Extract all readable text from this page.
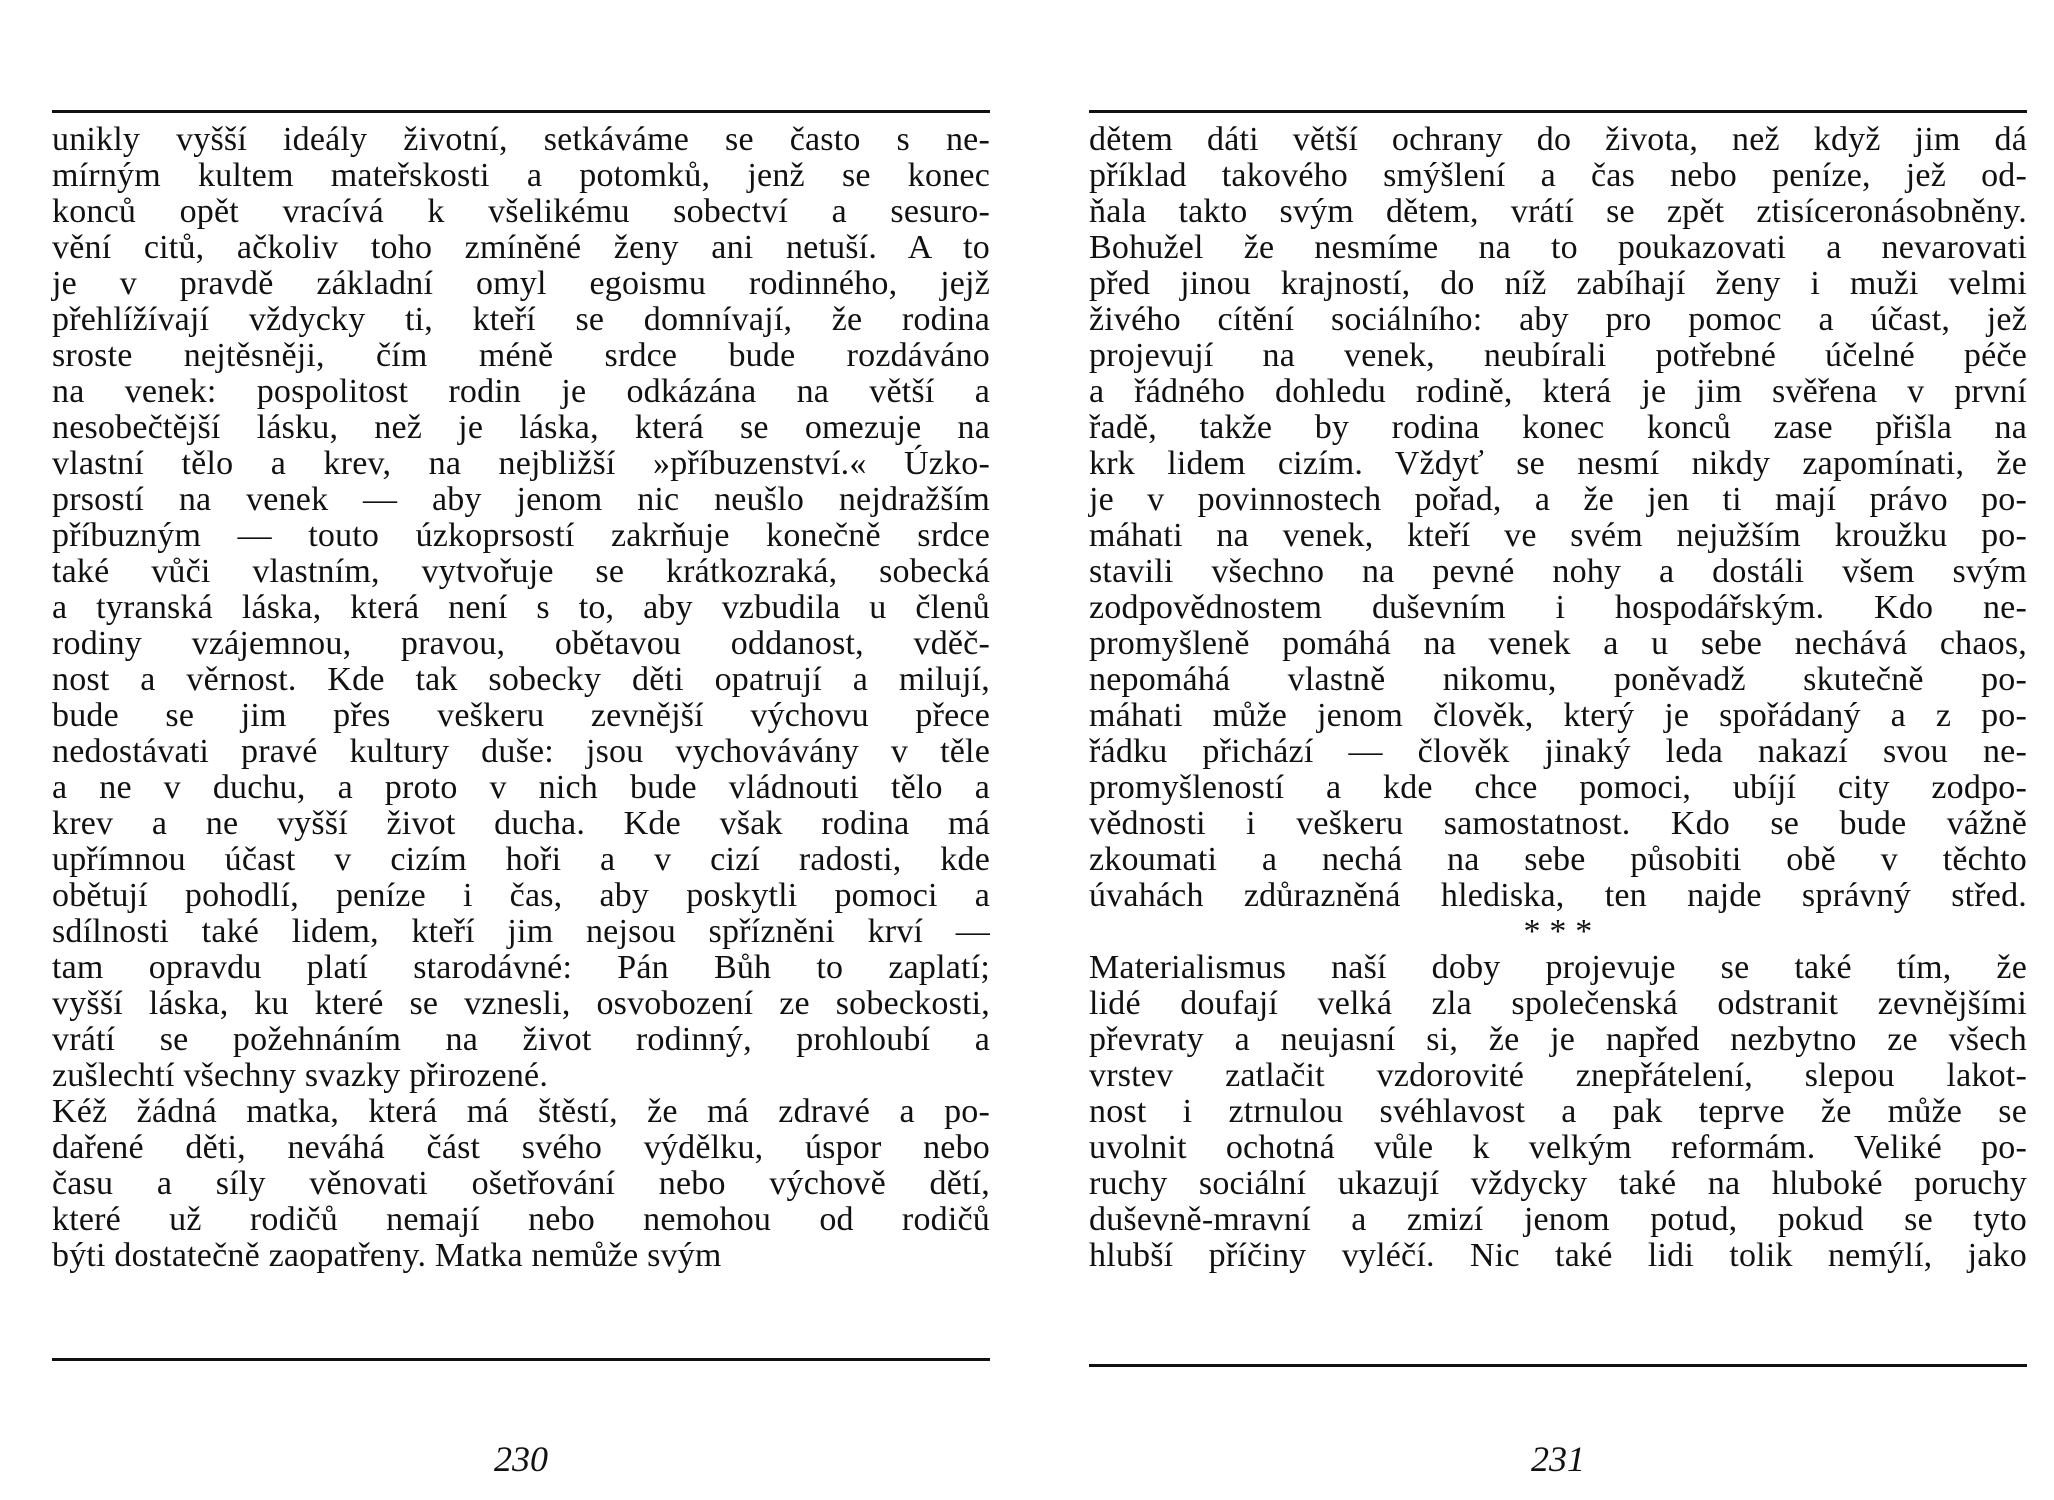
unikly vyšší ideály životní, setkáváme se často s ne-
mírným kultem mateřskosti a potomků, jenž se konec
konců opět vracívá k všelikému sobectví a sesuro-
vění citů, ačkoliv toho zmíněné ženy ani netuší. A to
je v pravdě základní omyl egoismu rodinného, jejž
přehlížívají vždycky ti, kteří se domnívají, že rodina
sroste nejtěsněji, čím méně srdce bude rozdáváno
na venek: pospolitost rodin je odkázána na větší a
nesobečtější lásku, než je láska, která se omezuje na
vlastní tělo a krev, na nejbližší »příbuzenství.« Úzko-
prsostí na venek — aby jenom nic neušlo nejdražším
příbuzným — touto úzkoprsostí zakrňuje konečně srdce
také vůči vlastním, vytvořuje se krátkozraká, sobecká
a tyranská láska, která není s to, aby vzbudila u členů
rodiny vzájemnou, pravou, obětavou oddanost, vděč-
nost a věrnost. Kde tak sobecky děti opatrují a milují,
bude se jim přes veškeru zevnější výchovu přece
nedostávati pravé kultury duše: jsou vychovávány v těle
a ne v duchu, a proto v nich bude vládnouti tělo a
krev a ne vyšší život ducha. Kde však rodina má
upřímnou účast v cizím hoři a v cizí radosti, kde
obětují pohodlí, peníze i čas, aby poskytli pomoci a
sdílnosti také lidem, kteří jim nejsou spřízněni krví —
tam opravdu platí starodávné: Pán Bůh to zaplatí;
vyšší láska, ku které se vznesli, osvobození ze sobeckosti,
vrátí se požehnáním na život rodinný, prohloubí a
zušlechtí všechny svazky přirozené.
Kéž žádná matka, která má štěstí, že má zdravé a po-
dařené děti, neváhá část svého výdělku, úspor nebo
času a síly věnovati ošetřování nebo výchově dětí,
které už rodičů nemají nebo nemohou od rodičů
býti dostatečně zaopatřeny. Matka nemůže svým
230
dětem dáti větší ochrany do života, než když jim dá
příklad takového smýšlení a čas nebo peníze, jež od-
ňala takto svým dětem, vrátí se zpět ztisíceronásobněny.
Bohužel že nesmíme na to poukazovati a nevarovati
před jinou krajností, do níž zabíhají ženy i muži velmi
živého cítění sociálního: aby pro pomoc a účast, jež
projevují na venek, neubírali potřebné účelné péče
a řádného dohledu rodině, která je jim svěřena v první
řadě, takže by rodina konec konců zase přišla na
krk lidem cizím. Vždyť se nesmí nikdy zapomínati, že
je v povinnostech pořad, a že jen ti mají právo po-
máhati na venek, kteří ve svém nejužším kroužku po-
stavili všechno na pevné nohy a dostáli všem svým
zodpovědnostem duševním i hospodářským. Kdo ne-
promyšleně pomáhá na venek a u sebe nechává chaos,
nepomáhá vlastně nikomu, poněvadž skutečně po-
máhati může jenom člověk, který je spořádaný a z po-
řádku přichází — člověk jinaký leda nakazí svou ne-
promyšleností a kde chce pomoci, ubíjí city zodpo-
vědnosti i veškeru samostatnost. Kdo se bude vážně
zkoumati a nechá na sebe působiti obě v těchto
úvahách zdůrazněná hlediska, ten najde správný střed.
* * *
Materialismus naší doby projevuje se také tím, že
lidé doufají velká zla společenská odstranit zevnějšími
převraty a neujasní si, že je napřed nezbytno ze všech
vrstev zatlačit vzdorovité znepřátelení, slepou lakot-
nost i ztrnulou svéhlavost a pak teprve že může se
uvolnit ochotná vůle k velkým reformám. Veliké po-
ruchy sociální ukazují vždycky také na hluboké poruchy
duševně-mravní a zmizí jenom potud, pokud se tyto
hlubší příčiny vyléčí. Nic také lidi tolik nemýlí, jako
231
